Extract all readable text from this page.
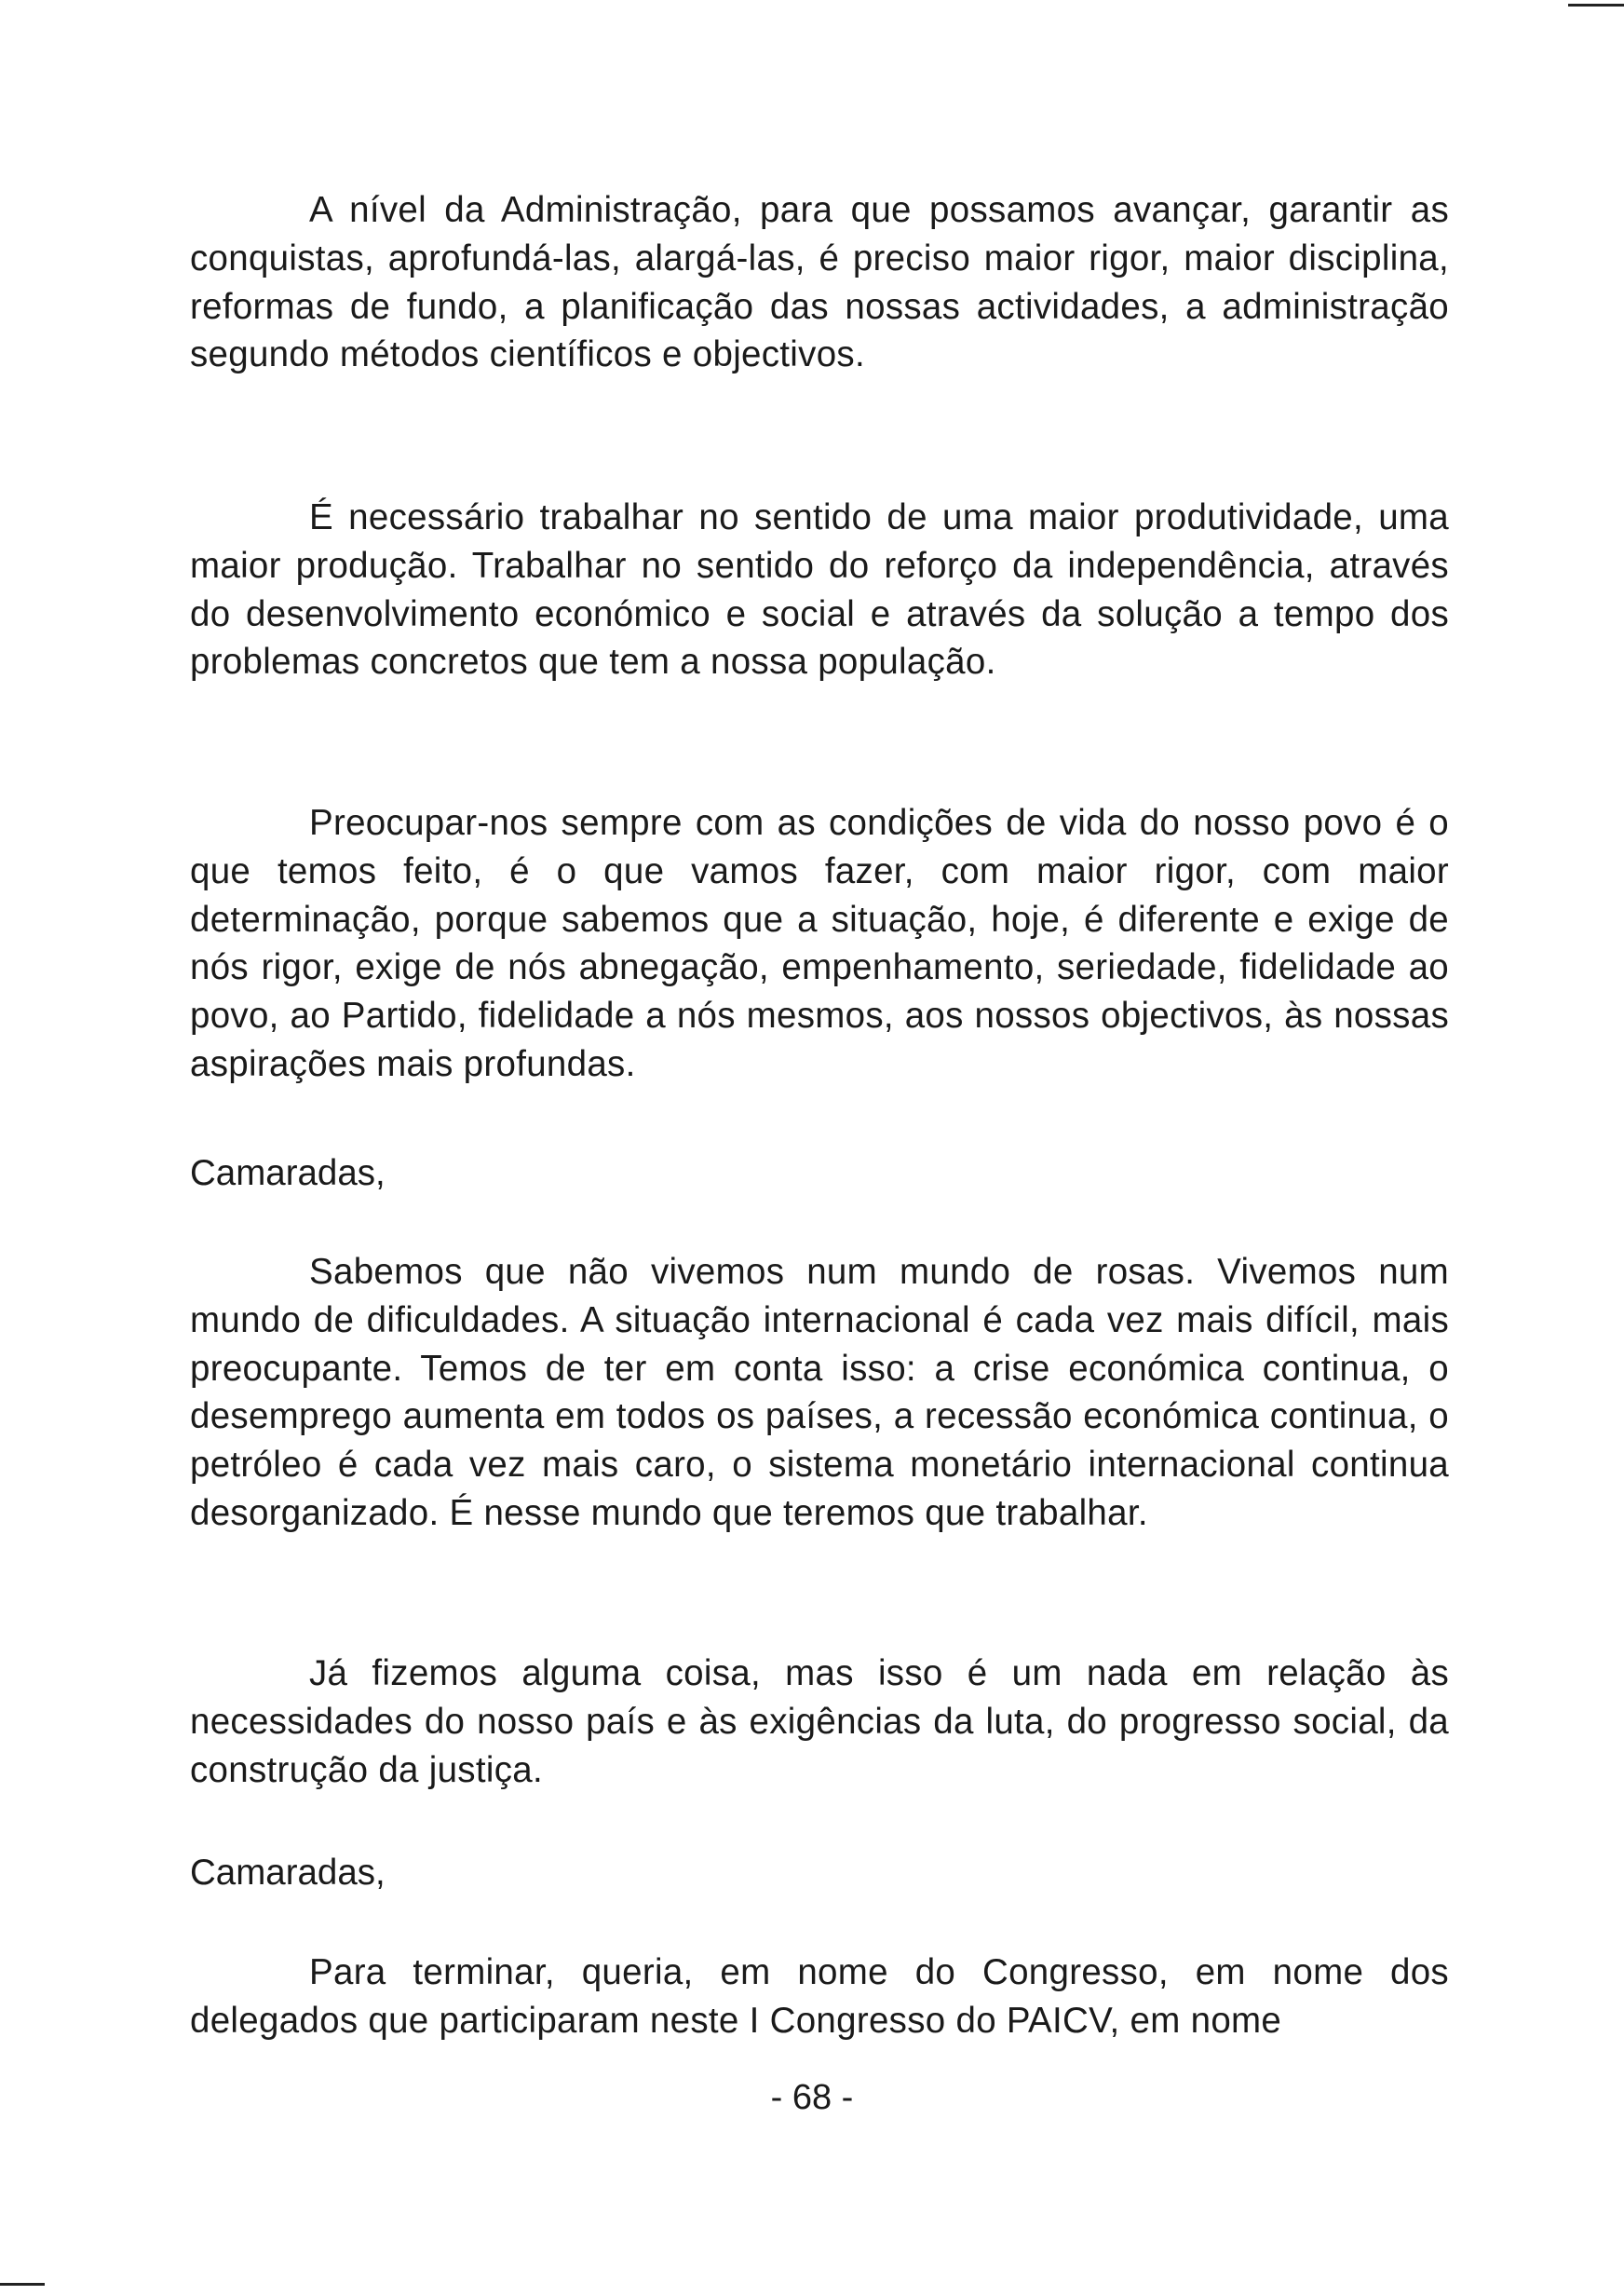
A nível da Administração, para que possamos avançar, garantir as conquistas, aprofundá-las, alargá-las, é preciso maior rigor, maior disciplina, reformas de fundo, a planificação das nossas actividades, a administração segundo métodos científicos e objectivos.

É necessário trabalhar no sentido de uma maior produtividade, uma maior produção. Trabalhar no sentido do reforço da independência, através do desenvolvimento económico e social e através da solução a tempo dos problemas concretos que tem a nossa população.

Preocupar-nos sempre com as condições de vida do nosso povo é o que temos feito, é o que vamos fazer, com maior rigor, com maior determinação, porque sabemos que a situação, hoje, é diferente e exige de nós rigor, exige de nós abnegação, empenhamento, seriedade, fidelidade ao povo, ao Partido, fidelidade a nós mesmos, aos nossos objectivos, às nossas aspirações mais profundas.

Camaradas,

Sabemos que não vivemos num mundo de rosas. Vivemos num mundo de dificuldades. A situação internacional é cada vez mais difícil, mais preocupante. Temos de ter em conta isso: a crise económica continua, o desemprego aumenta em todos os países, a recessão económica continua, o petróleo é cada vez mais caro, o sistema monetário internacional continua desorganizado. É nesse mundo que teremos que trabalhar.

Já fizemos alguma coisa, mas isso é um nada em relação às necessidades do nosso país e às exigências da luta, do progresso social, da construção da justiça.

Camaradas,

Para terminar, queria, em nome do Congresso, em nome dos delegados que participaram neste I Congresso do PAICV, em nome

- 68 -
